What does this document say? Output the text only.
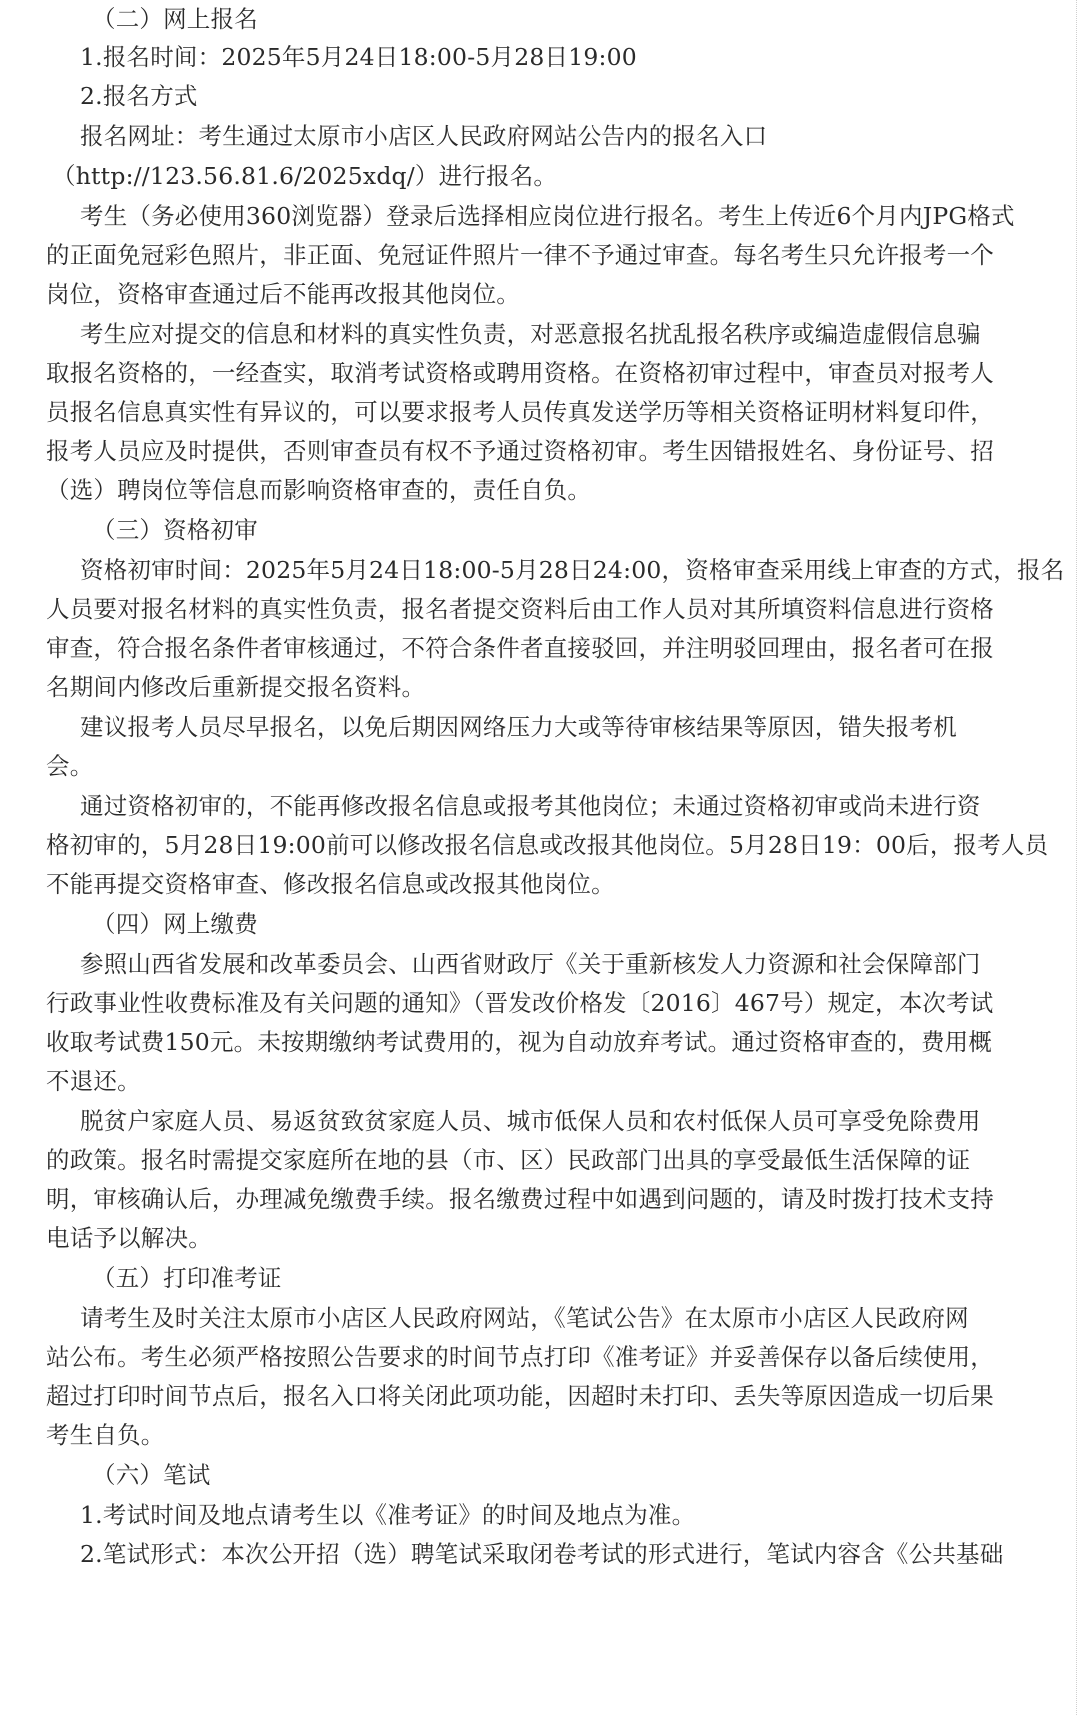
（二）网上报名
1.报名时间：2025年5月24日18:00-5月28日19:00
2.报名方式
报名网址：考生通过太原市小店区人民政府网站公告内的报名入口
（http://123.56.81.6/2025xdq/）进行报名。
考生（务必使用360浏览器）登录后选择相应岗位进行报名。考生上传近6个月内JPG格式
的正面免冠彩色照片，非正面、免冠证件照片一律不予通过审查。每名考生只允许报考一个
岗位，资格审查通过后不能再改报其他岗位。
考生应对提交的信息和材料的真实性负责，对恶意报名扰乱报名秩序或编造虚假信息骗
取报名资格的，一经查实，取消考试资格或聘用资格。在资格初审过程中，审查员对报考人
员报名信息真实性有异议的，可以要求报考人员传真发送学历等相关资格证明材料复印件，
报考人员应及时提供，否则审查员有权不予通过资格初审。考生因错报姓名、身份证号、招
（选）聘岗位等信息而影响资格审查的，责任自负。
（三）资格初审
资格初审时间：2025年5月24日18:00-5月28日24:00，资格审查采用线上审查的方式，报名
人员要对报名材料的真实性负责，报名者提交资料后由工作人员对其所填资料信息进行资格
审查，符合报名条件者审核通过，不符合条件者直接驳回，并注明驳回理由，报名者可在报
名期间内修改后重新提交报名资料。
建议报考人员尽早报名，以免后期因网络压力大或等待审核结果等原因，错失报考机
会。
通过资格初审的，不能再修改报名信息或报考其他岗位；未通过资格初审或尚未进行资
格初审的，5月28日19:00前可以修改报名信息或改报其他岗位。5月28日19：00后，报考人员
不能再提交资格审查、修改报名信息或改报其他岗位。
（四）网上缴费
参照山西省发展和改革委员会、山西省财政厅《关于重新核发人力资源和社会保障部门
行政事业性收费标准及有关问题的通知》（晋发改价格发〔2016〕467号）规定，本次考试
收取考试费150元。未按期缴纳考试费用的，视为自动放弃考试。通过资格审查的，费用概
不退还。
脱贫户家庭人员、易返贫致贫家庭人员、城市低保人员和农村低保人员可享受免除费用
的政策。报名时需提交家庭所在地的县（市、区）民政部门出具的享受最低生活保障的证
明，审核确认后，办理减免缴费手续。报名缴费过程中如遇到问题的，请及时拨打技术支持
电话予以解决。
（五）打印准考证
请考生及时关注太原市小店区人民政府网站，《笔试公告》在太原市小店区人民政府网
站公布。考生必须严格按照公告要求的时间节点打印《准考证》并妥善保存以备后续使用，
超过打印时间节点后，报名入口将关闭此项功能，因超时未打印、丢失等原因造成一切后果
考生自负。
（六）笔试
1.考试时间及地点请考生以《准考证》的时间及地点为准。
2.笔试形式：本次公开招（选）聘笔试采取闭卷考试的形式进行，笔试内容含《公共基础
